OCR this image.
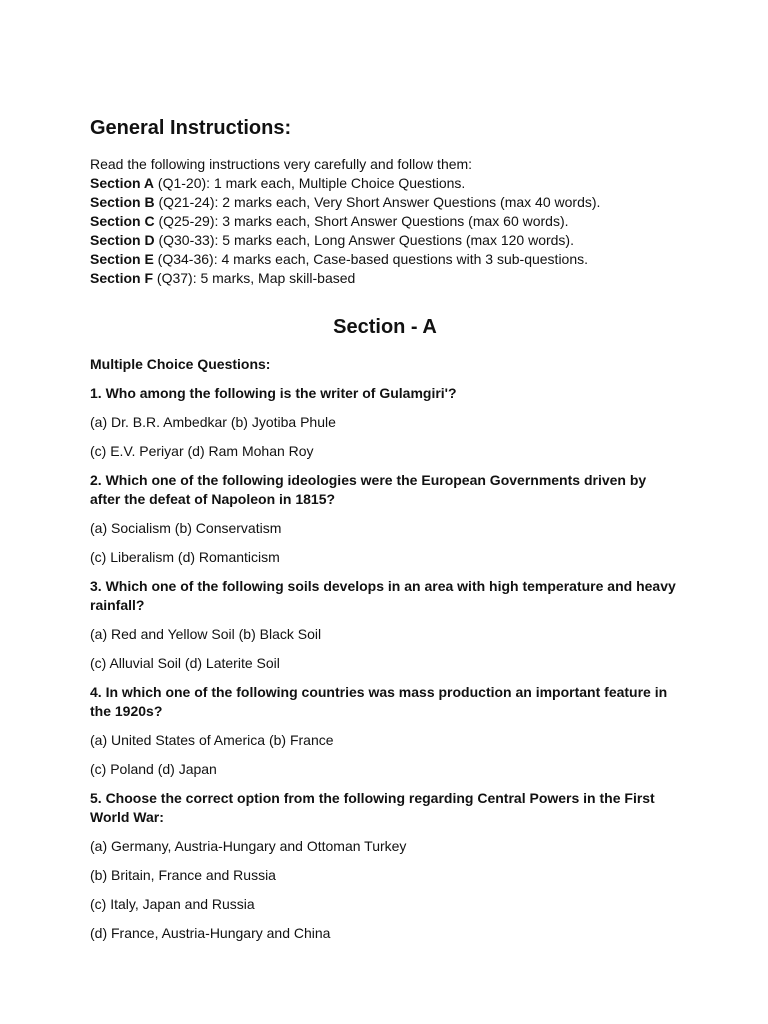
General Instructions:

Read the following instructions very carefully and follow them:

Section A (Q1-20): 1 mark each, Multiple Choice Questions.

Section B (Q21-24): 2 marks each, Very Short Answer Questions (max 40 words).

Section C (Q25-29): 3 marks each, Short Answer Questions (max 60 words).

Section D (Q30-33): 5 marks each, Long Answer Questions (max 120 words).

Section E (Q34-36): 4 marks each, Case-based questions with 3 sub-questions.

Section F (Q37): 5 marks, Map skill-based

Section - A

Multiple Choice Questions:

1. Who among the following is the writer of Gulamgiri'?

(a) Dr. B.R. Ambedkar (b) Jyotiba Phule

(c) E.V. Periyar (d) Ram Mohan Roy

2. Which one of the following ideologies were the European Governments driven by after the defeat of Napoleon in 1815?

(a) Socialism (b) Conservatism

(c) Liberalism (d) Romanticism

3. Which one of the following soils develops in an area with high temperature and heavy rainfall?

(a) Red and Yellow Soil (b) Black Soil

(c) Alluvial Soil (d) Laterite Soil

4. In which one of the following countries was mass production an important feature in the 1920s?

(a) United States of America (b) France

(c) Poland (d) Japan

5. Choose the correct option from the following regarding Central Powers in the First World War:

(a) Germany, Austria-Hungary and Ottoman Turkey

(b) Britain, France and Russia

(c) Italy, Japan and Russia

(d) France, Austria-Hungary and China
